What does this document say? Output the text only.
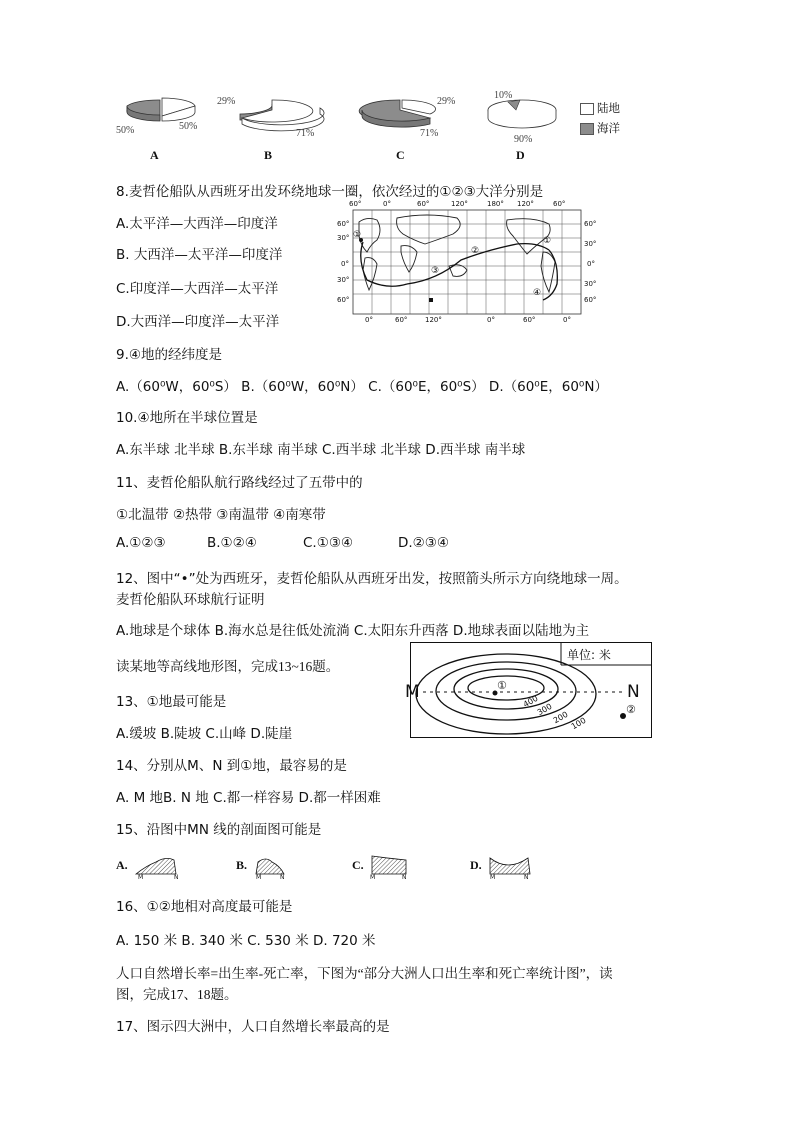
50%	50%
A
29%
71%
B
29%
71%
C
10%
90%
D
陆地
海洋
8.麦哲伦船队从西班牙出发环绕地球一圈，依次经过的①②③大洋分别是
A.太平洋—大西洋—印度洋
B. 大西洋—太平洋—印度洋
C.印度洋—大西洋—太平洋
D.大西洋—印度洋—太平洋
60°	0°	60°	120°	180° 120°	60°
0°	60°	120°	0°	60°	0°
60°
30°
0°
30°
60°
60°
30°
0°
30°
60°
①
②
③
④
①
9.④地的经纬度是
A.（60⁰W，60⁰S） B.（60⁰W，60⁰N） C.（60⁰E，60⁰S） D.（60⁰E，60⁰N）
10.④地所在半球位置是
A.东半球 北半球 B.东半球 南半球 C.西半球 北半球 D.西半球 南半球
11、麦哲伦船队航行路线经过了五带中的
①北温带 ②热带 ③南温带 ④南寒带
A.①②③	B.①②④	C.①③④	D.②③④
12、图中“•”处为西班牙，麦哲伦船队从西班牙出发，按照箭头所示方向绕地球一周。
麦哲伦船队环球航行证明
A.地球是个球体 B.海水总是往低处流淌 C.太阳东升西落 D.地球表面以陆地为主
读某地等高线地形图，完成13~16题。
单位: 米
M	N
①
②
400
300
200 100
13、①地最可能是
A.缓坡 B.陡坡 C.山峰 D.陡崖
14、分别从M、N 到①地，最容易的是
A. M 地B. N 地 C.都一样容易 D.都一样困难
15、沿图中MN 线的剖面图可能是
A.	B.	C.	D.
M	N	M	N	M	N	M	N
16、①②地相对高度最可能是
A. 150 米 B. 340 米 C. 530 米 D. 720 米
人口自然增长率=出生率-死亡率，下图为“部分大洲人口出生率和死亡率统计图”，读
图，完成17、18题。
17、图示四大洲中，人口自然增长率最高的是
